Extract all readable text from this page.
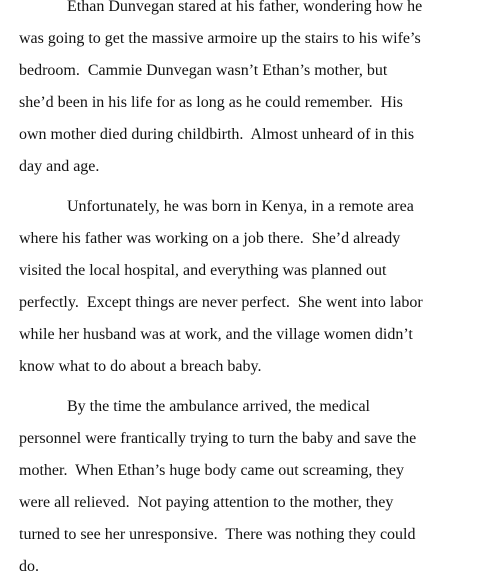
Ethan Dunvegan stared at his father, wondering how he
was going to get the massive armoire up the stairs to his wife’s
bedroom.  Cammie Dunvegan wasn’t Ethan’s mother, but
she’d been in his life for as long as he could remember.  His
own mother died during childbirth.  Almost unheard of in this
day and age.
Unfortunately, he was born in Kenya, in a remote area
where his father was working on a job there.  She’d already
visited the local hospital, and everything was planned out
perfectly.  Except things are never perfect.  She went into labor
while her husband was at work, and the village women didn’t
know what to do about a breach baby.
By the time the ambulance arrived, the medical
personnel were frantically trying to turn the baby and save the
mother.  When Ethan’s huge body came out screaming, they
were all relieved.  Not paying attention to the mother, they
turned to see her unresponsive.  There was nothing they could
do.
